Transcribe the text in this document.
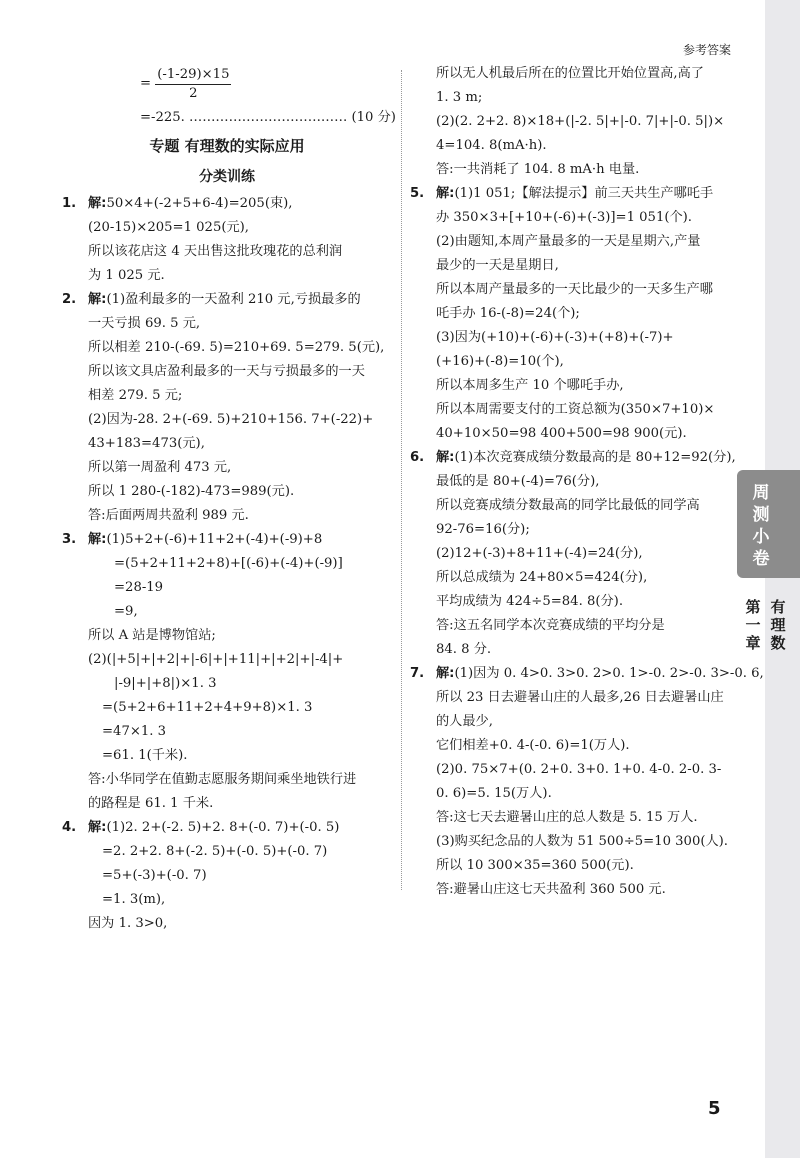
参考答案
= $\frac{(-1-29)\times 15}{2}$
=-225. ……………………………… (10 分)
专题 有理数的实际应用
分类训练
1. 解:50×4+(-2+5+6-4)=205(束),
(20-15)×205=1 025(元),
所以该花店这 4 天出售这批玫瑰花的总利润
为 1 025 元.
2. 解:(1)盈利最多的一天盈利 210 元,亏损最多的
一天亏损 69. 5 元,
所以相差 210-(-69. 5)=210+69. 5=279. 5(元),
所以该文具店盈利最多的一天与亏损最多的一天
相差 279. 5 元;
(2)因为-28. 2+(-69. 5)+210+156. 7+(-22)+
43+183=473(元),
所以第一周盈利 473 元,
所以 1 280-(-182)-473=989(元).
答:后面两周共盈利 989 元.
3. 解:(1)5+2+(-6)+11+2+(-4)+(-9)+8
=(5+2+11+2+8)+[(-6)+(-4)+(-9)]
=28-19
=9,
所以 A 站是博物馆站;
(2)(|+5|+|+2|+|-6|+|+11|+|+2|+|-4|+
|-9|+|+8|)×1. 3
=(5+2+6+11+2+4+9+8)×1. 3
=47×1. 3
=61. 1(千米).
答:小华同学在值勤志愿服务期间乘坐地铁行进
的路程是 61. 1 千米.
4. 解:(1)2. 2+(-2. 5)+2. 8+(-0. 7)+(-0. 5)
=2. 2+2. 8+(-2. 5)+(-0. 5)+(-0. 7)
=5+(-3)+(-0. 7)
=1. 3(m),
因为 1. 3>0,
所以无人机最后所在的位置比开始位置高,高了
1. 3 m;
(2)(2. 2+2. 8)×18+(|-2. 5|+|-0. 7|+|-0. 5|)×
4=104. 8(mA·h).
答:一共消耗了 104. 8 mA·h 电量.
5. 解:(1)1 051;【解法提示】前三天共生产哪吒手
办 350×3+[+10+(-6)+(-3)]=1 051(个).
(2)由题知,本周产量最多的一天是星期六,产量
最少的一天是星期日,
所以本周产量最多的一天比最少的一天多生产哪
吒手办 16-(-8)=24(个);
(3)因为(+10)+(-6)+(-3)+(+8)+(-7)+
(+16)+(-8)=10(个),
所以本周多生产 10 个哪吒手办,
所以本周需要支付的工资总额为(350×7+10)×
40+10×50=98 400+500=98 900(元).
6. 解:(1)本次竞赛成绩分数最高的是 80+12=92(分),
最低的是 80+(-4)=76(分),
所以竞赛成绩分数最高的同学比最低的同学高
92-76=16(分);
(2)12+(-3)+8+11+(-4)=24(分),
所以总成绩为 24+80×5=424(分),
平均成绩为 424÷5=84. 8(分).
答:这五名同学本次竞赛成绩的平均分是
84. 8 分.
7. 解:(1)因为 0. 4>0. 3>0. 2>0. 1>-0. 2>-0. 3>-0. 6,
所以 23 日去避暑山庄的人最多,26 日去避暑山庄
的人最少,
它们相差+0. 4-(-0. 6)=1(万人).
(2)0. 75×7+(0. 2+0. 3+0. 1+0. 4-0. 2-0. 3-
0. 6)=5. 15(万人).
答:这七天去避暑山庄的总人数是 5. 15 万人.
(3)购买纪念品的人数为 51 500÷5=10 300(人).
所以 10 300×35=360 500(元).
答:避暑山庄这七天共盈利 360 500 元.
5
周测小卷
第一章
有理数
